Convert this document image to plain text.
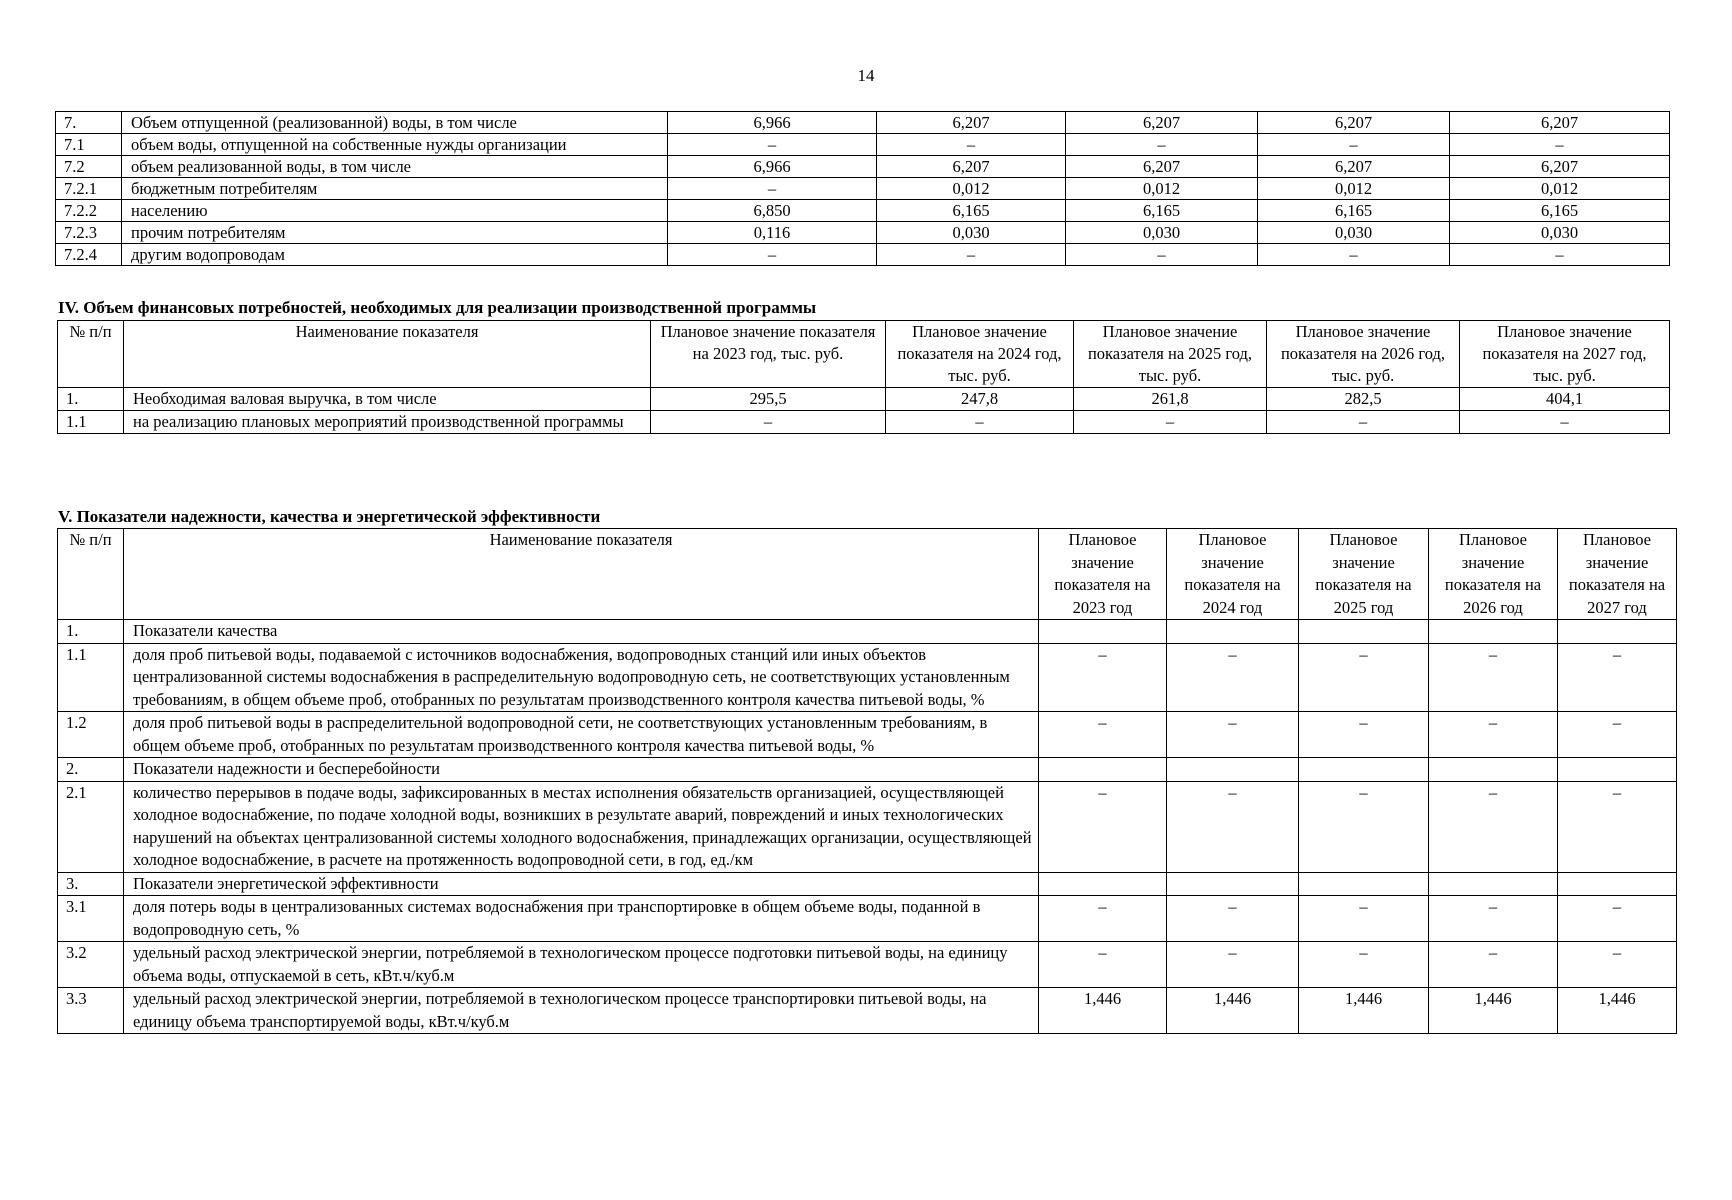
14
7.	Объем отпущенной (реализованной) воды, в том числе	6,966	6,207	6,207	6,207	6,207
7.1	объем воды, отпущенной на собственные нужды организации	–	–	–	–	–
7.2	объем реализованной воды, в том числе	6,966	6,207	6,207	6,207	6,207
7.2.1	бюджетным потребителям	–	0,012	0,012	0,012	0,012
7.2.2	населению	6,850	6,165	6,165	6,165	6,165
7.2.3	прочим потребителям	0,116	0,030	0,030	0,030	0,030
7.2.4	другим водопроводам	–	–	–	–	–
IV. Объем финансовых потребностей, необходимых для реализации производственной программы
№ п/п	Наименование показателя	Плановое значение показателя на 2023 год, тыс. руб.	Плановое значение показателя на 2024 год, тыс. руб.	Плановое значение показателя на 2025 год, тыс. руб.	Плановое значение показателя на 2026 год, тыс. руб.	Плановое значение показателя на 2027 год, тыс. руб.
1.	Необходимая валовая выручка, в том числе	295,5	247,8	261,8	282,5	404,1
1.1	на реализацию плановых мероприятий производственной программы	–	–	–	–	–
V. Показатели надежности, качества и энергетической эффективности
№ п/п	Наименование показателя	Плановое значение показателя на 2023 год	Плановое значение показателя на 2024 год	Плановое значение показателя на 2025 год	Плановое значение показателя на 2026 год	Плановое значение показателя на 2027 год
1.	Показатели качества					
1.1	доля проб питьевой воды, подаваемой с источников водоснабжения, водопроводных станций или иных объектов централизованной системы водоснабжения в распределительную водопроводную сеть, не соответствующих установленным требованиям, в общем объеме проб, отобранных по результатам производственного контроля качества питьевой воды, %	–	–	–	–	–
1.2	доля проб питьевой воды в распределительной водопроводной сети, не соответствующих установленным требованиям, в общем объеме проб, отобранных по результатам производственного контроля качества питьевой воды, %	–	–	–	–	–
2.	Показатели надежности и бесперебойности					
2.1	количество перерывов в подаче воды, зафиксированных в местах исполнения обязательств организацией, осуществляющей холодное водоснабжение, по подаче холодной воды, возникших в результате аварий, повреждений и иных технологических нарушений на объектах централизованной системы холодного водоснабжения, принадлежащих организации, осуществляющей холодное водоснабжение, в расчете на протяженность водопроводной сети, в год, ед./км	–	–	–	–	–
3.	Показатели энергетической эффективности					
3.1	доля потерь воды в централизованных системах водоснабжения при транспортировке в общем объеме воды, поданной в водопроводную сеть, %	–	–	–	–	–
3.2	удельный расход электрической энергии, потребляемой в технологическом процессе подготовки питьевой воды, на единицу объема воды, отпускаемой в сеть, кВт.ч/куб.м	–	–	–	–	–
3.3	удельный расход электрической энергии, потребляемой в технологическом процессе транспортировки питьевой воды, на единицу объема транспортируемой воды, кВт.ч/куб.м	1,446	1,446	1,446	1,446	1,446
